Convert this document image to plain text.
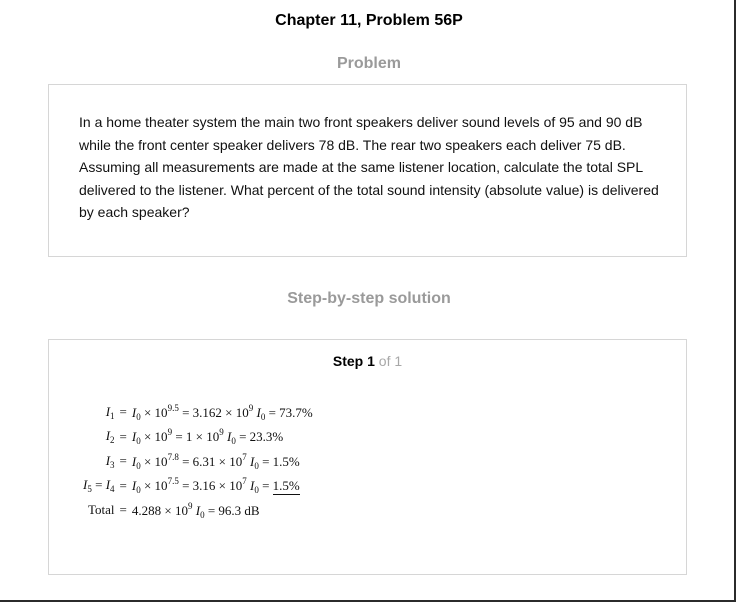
Chapter 11, Problem 56P
Problem
In a home theater system the main two front speakers deliver sound levels of 95 and 90 dB while the front center speaker delivers 78 dB. The rear two speakers each deliver 75 dB. Assuming all measurements are made at the same listener location, calculate the total SPL delivered to the listener. What percent of the total sound intensity (absolute value) is delivered by each speaker?
Step-by-step solution
Step 1 of 1
$I_1$	=	$I_0 \times 10^{9.5} = 3.162 \times 10^9$ $I_0 = 73.7\%$
$I_2$	=	$I_0 \times 10^9 = 1 \times 10^9$ $I_0 = 23.3\%$
$I_3$	=	$I_0 \times 10^{7.8} = 6.31 \times 10^7$ $I_0 = 1.5\%$
$I_5 = I_4$	=	$I_0 \times 10^{7.5} = 3.16 \times 10^7$ $I_0 = 1.5\%$
Total	=	$4.288 \times 10^9$ $I_0 = 96.3$ dB
